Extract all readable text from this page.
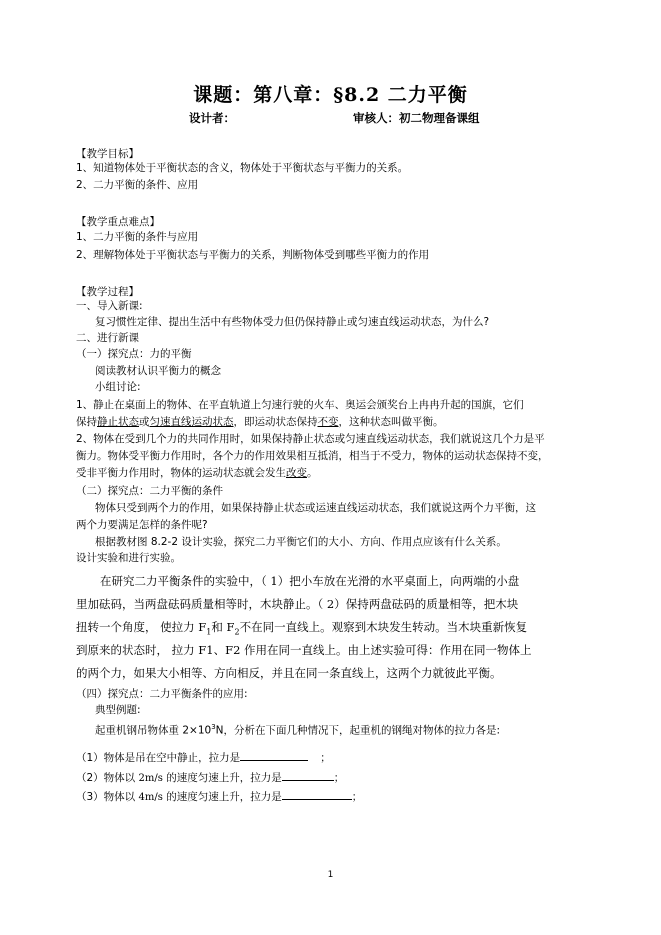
课题：第八章：§8.2 二力平衡
设计者：	审核人：初二物理备课组
【教学目标】
1、知道物体处于平衡状态的含义，物体处于平衡状态与平衡力的关系。
2、二力平衡的条件、应用
【教学重点难点】
1、二力平衡的条件与应用
2、理解物体处于平衡状态与平衡力的关系，判断物体受到哪些平衡力的作用
【教学过程】
一、导入新课:
复习惯性定律、提出生活中有些物体受力但仍保持静止或匀速直线运动状态，为什么?
二、进行新课
（一）探究点：力的平衡
阅读教材认识平衡力的概念
小组讨论:
1、静止在桌面上的物体、在平直轨道上匀速行驶的火车、奥运会颁奖台上冉冉升起的国旗，它们
保持静止状态或匀速直线运动状态，即运动状态保持不变，这种状态叫做平衡。
2、物体在受到几个力的共同作用时，如果保持静止状态或匀速直线运动状态，我们就说这几个力是平
衡力。物体受平衡力作用时，各个力的作用效果相互抵消，相当于不受力，物体的运动状态保持不变，
受非平衡力作用时，物体的运动状态就会发生改变。
（二）探究点：二力平衡的条件
物体只受到两个力的作用，如果保持静止状态或运速直线运动状态，我们就说这两个力平衡，这
两个力要满足怎样的条件呢?
根据教材图 8.2-2 设计实验，探究二力平衡它们的大小、方向、作用点应该有什么关系。
设计实验和进行实验。
在研究二力平衡条件的实验中，（ 1）把小车放在光滑的水平桌面上，向两端的小盘
里加砝码，当两盘砝码质量相等时，木块静止。（ 2）保持两盘砝码的质量相等，把木块
扭转一个角度， 使拉力 $F_1$和 $F_2$不在同一直线上。观察到木块发生转动。当木块重新恢复
到原来的状态时， 拉力 F1、F2 作用在同一直线上。由上述实验可得：作用在同一物体上
的两个力，如果大小相等、方向相反，并且在同一条直线上，这两个力就彼此平衡。
（四）探究点：二力平衡条件的应用:
典型例题:
起重机钢吊物体重 $2\times 10^3N$，分析在下面几种情况下，起重机的钢绳对物体的拉力各是:
（1）物体是吊在空中静止，拉力是	；
（2）物体以 2m/s 的速度匀速上升，拉力是	；
（3）物体以 4m/s 的速度匀速上升，拉力是	；
1
